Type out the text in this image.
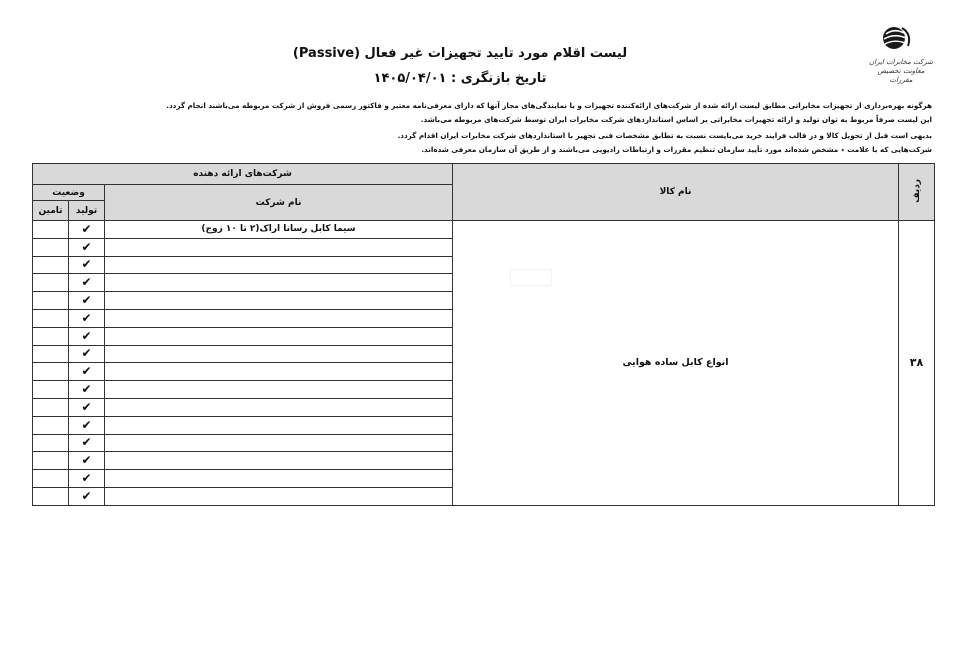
شرکت مخابرات ایران معاونت تخصیص مقررات
لیست اقلام مورد تایید تجهیزات غیر فعال (Passive)
تاریخ بازنگری : ۱۴۰۵/۰۴/۰۱

هرگونه بهره‌برداری از تجهیزات مخابراتی مطابق لیست ارائه شده از شرکت‌های ارائه‌کننده تجهیزات و یا نمایندگی‌های مجاز آنها که دارای معرفی‌نامه معتبر و فاکتور رسمی فروش از شرکت مربوطه می‌باشند انجام گردد.

این لیست صرفاً مربوط به توان تولید و ارائه تجهیزات مخابراتی بر اساس استانداردهای شرکت مخابرات ایران توسط شرکت‌های مربوطه می‌باشد.

بدیهی است قبل از تحویل کالا و در قالب فرایند خرید می‌بایست نسبت به تطابق مشخصات فنی تجهیز با استانداردهای شرکت مخابرات ایران اقدام گردد.

شرکت‌هایی که با علامت ٭ مشخص شده‌اند مورد تأیید سازمان تنظیم مقررات و ارتباطات رادیویی می‌باشند و از طریق آن سازمان معرفی شده‌اند.

ردیف	نام کالا	شرکت‌های ارائه دهنده		
		نام شرکت	وضعیت	
			تولید	تامین
۳۸	انواع کابل ساده هوایی	سیما کابل رسانا اراک(۲ تا ۱۰ زوج)	✔	
			✔	
			✔	
			✔	
			✔	
			✔	
			✔	
			✔	
			✔	
			✔	
			✔	
			✔	
			✔	
			✔	
			✔	
			✔	
